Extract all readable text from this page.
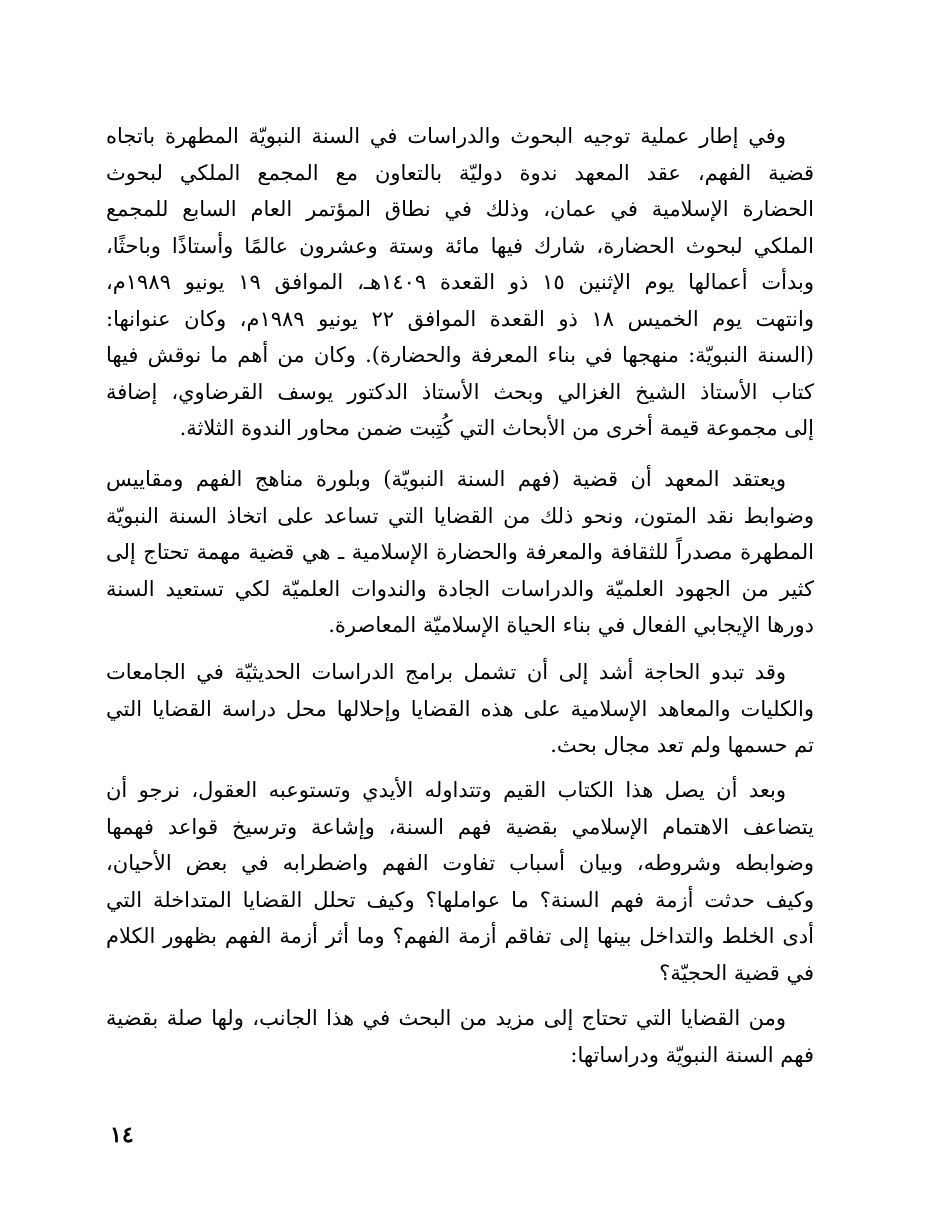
وفي إطار عملية توجيه البحوث والدراسات في السنة النبويّة المطهرة باتجاه
قضية الفهم، عقد المعهد ندوة دوليّة بالتعاون مع المجمع الملكي لبحوث
الحضارة الإسلامية في عمان، وذلك في نطاق المؤتمر العام السابع للمجمع
الملكي لبحوث الحضارة، شارك فيها مائة وستة وعشرون عالمًا وأستاذًا وباحثًا،
وبدأت أعمالها يوم الإثنين ١٥ ذو القعدة ١٤٠٩هـ، الموافق ١٩ يونيو ١٩٨٩م،
وانتهت يوم الخميس ١٨ ذو القعدة الموافق ٢٢ يونيو ١٩٨٩م، وكان عنوانها:
(السنة النبويّة: منهجها في بناء المعرفة والحضارة). وكان من أهم ما نوقش فيها
كتاب الأستاذ الشيخ الغزالي وبحث الأستاذ الدكتور يوسف القرضاوي، إضافة
إلى مجموعة قيمة أخرى من الأبحاث التي كُتِبت ضمن محاور الندوة الثلاثة.
ويعتقد المعهد أن قضية (فهم السنة النبويّة) وبلورة مناهج الفهم ومقاييس
وضوابط نقد المتون، ونحو ذلك من القضايا التي تساعد على اتخاذ السنة النبويّة
المطهرة مصدراً للثقافة والمعرفة والحضارة الإسلامية ـ هي قضية مهمة تحتاج إلى
كثير من الجهود العلميّة والدراسات الجادة والندوات العلميّة لكي تستعيد السنة
دورها الإيجابي الفعال في بناء الحياة الإسلاميّة المعاصرة.
وقد تبدو الحاجة أشد إلى أن تشمل برامج الدراسات الحديثيّة في الجامعات
والكليات والمعاهد الإسلامية على هذه القضايا وإحلالها محل دراسة القضايا التي
تم حسمها ولم تعد مجال بحث.
وبعد أن يصل هذا الكتاب القيم وتتداوله الأيدي وتستوعبه العقول، نرجو أن
يتضاعف الاهتمام الإسلامي بقضية فهم السنة، وإشاعة وترسيخ قواعد فهمها
وضوابطه وشروطه، وبيان أسباب تفاوت الفهم واضطرابه في بعض الأحيان،
وكيف حدثت أزمة فهم السنة؟ ما عواملها؟ وكيف تحلل القضايا المتداخلة التي
أدى الخلط والتداخل بينها إلى تفاقم أزمة الفهم؟ وما أثر أزمة الفهم بظهور الكلام
في قضية الحجيّة؟
ومن القضايا التي تحتاج إلى مزيد من البحث في هذا الجانب، ولها صلة بقضية
فهم السنة النبويّة ودراساتها:
١٤
